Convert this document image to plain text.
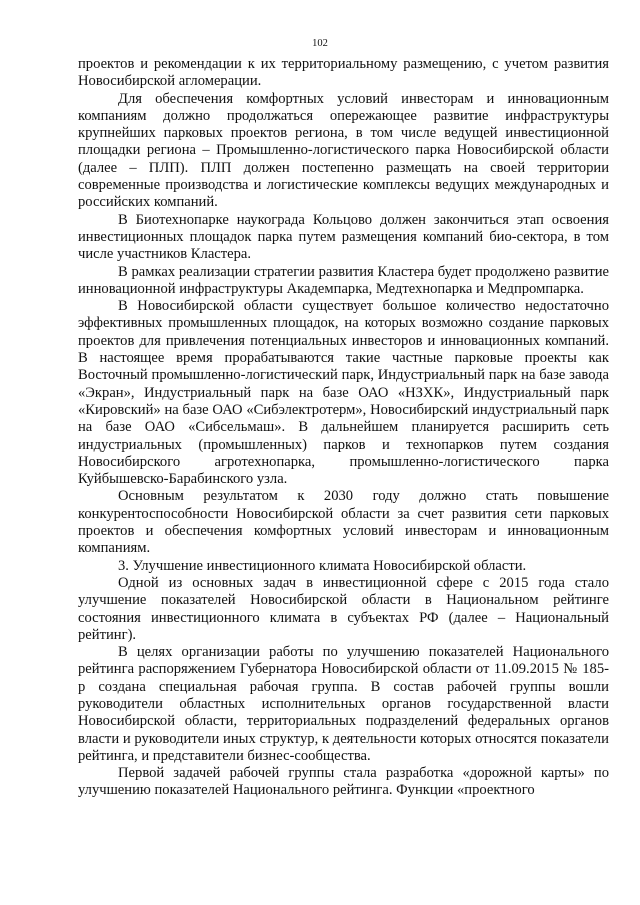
102

проектов и рекомендации к их территориальному размещению, с учетом развития Новосибирской агломерации.

Для обеспечения комфортных условий инвесторам и инновационным компаниям должно продолжаться опережающее развитие инфраструктуры крупнейших парковых проектов региона, в том числе ведущей инвестиционной площадки региона – Промышленно-логистического парка Новосибирской области (далее – ПЛП). ПЛП должен постепенно размещать на своей территории современные производства и логистические комплексы ведущих международных и российских компаний.

В Биотехнопарке наукограда Кольцово должен закончиться этап освоения инвестиционных площадок парка путем размещения компаний био-сектора, в том числе участников Кластера.

В рамках реализации стратегии развития Кластера будет продолжено развитие инновационной инфраструктуры Академпарка, Медтехнопарка и Медпромпарка.

В Новосибирской области существует большое количество недостаточно эффективных промышленных площадок, на которых возможно создание парковых проектов для привлечения потенциальных инвесторов и инновационных компаний. В настоящее время прорабатываются такие частные парковые проекты как Восточный промышленно-логистический парк, Индустриальный парк на базе завода «Экран», Индустриальный парк на базе ОАО «НЗХК», Индустриальный парк «Кировский» на базе ОАО «Сибэлектротерм», Новосибирский индустриальный парк на базе ОАО «Сибсельмаш». В дальнейшем планируется расширить сеть индустриальных (промышленных) парков и технопарков путем создания Новосибирского агротехнопарка, промышленно-логистического парка Куйбышевско-Барабинского узла.

Основным результатом к 2030 году должно стать повышение конкурентоспособности Новосибирской области за счет развития сети парковых проектов и обеспечения комфортных условий инвесторам и инновационным компаниям.

3. Улучшение инвестиционного климата Новосибирской области.

Одной из основных задач в инвестиционной сфере с 2015 года стало улучшение показателей Новосибирской области в Национальном рейтинге состояния инвестиционного климата в субъектах РФ (далее – Национальный рейтинг).

В целях организации работы по улучшению показателей Национального рейтинга распоряжением Губернатора Новосибирской области от 11.09.2015 № 185-р создана специальная рабочая группа. В состав рабочей группы вошли руководители областных исполнительных органов государственной власти Новосибирской области, территориальных подразделений федеральных органов власти и руководители иных структур, к деятельности которых относятся показатели рейтинга, и представители бизнес-сообщества.

Первой задачей рабочей группы стала разработка «дорожной карты» по улучшению показателей Национального рейтинга. Функции «проектного
